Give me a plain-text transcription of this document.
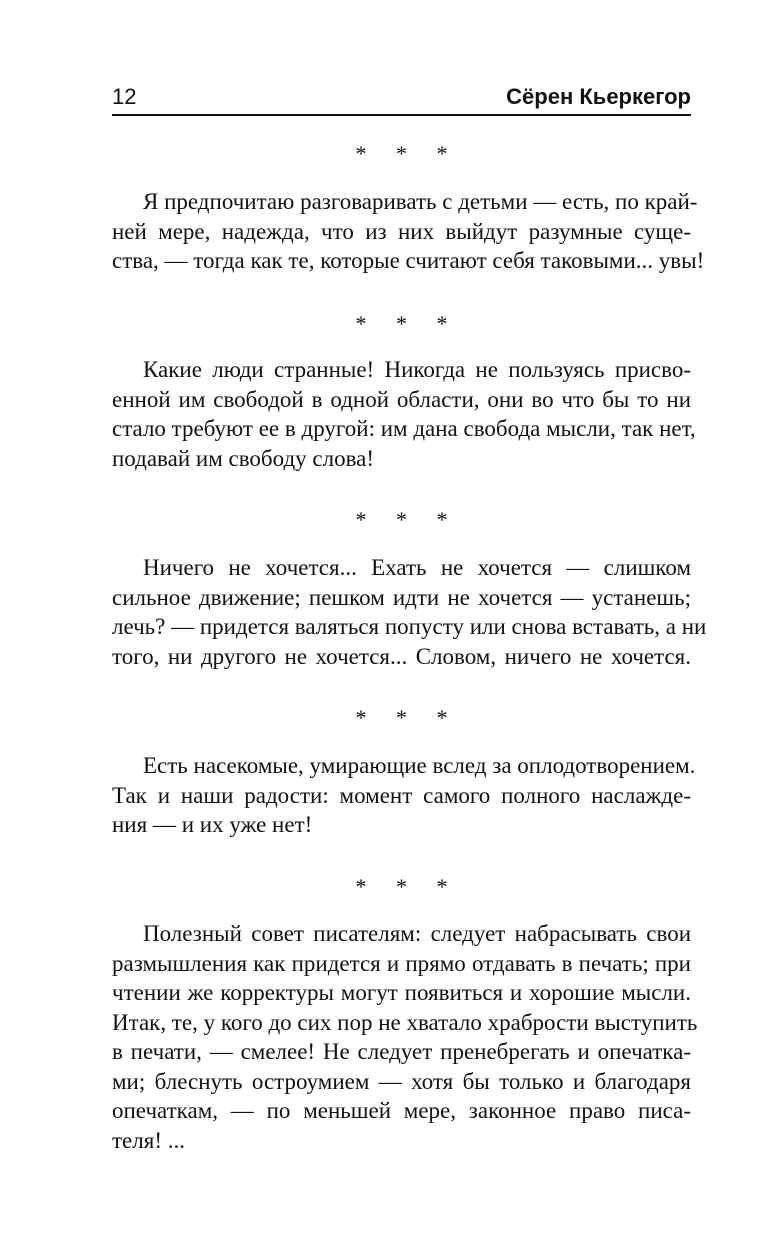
12	Сёрен Кьеркегор
* * *
Я предпочитаю разговаривать с детьми — есть, по край-
ней мере, надежда, что из них выйдут разумные суще-
ства, — тогда как те, которые считают себя таковыми... увы!
* * *
Какие люди странные! Никогда не пользуясь присво-
енной им свободой в одной области, они во что бы то ни
стало требуют ее в другой: им дана свобода мысли, так нет,
подавай им свободу слова!
* * *
Ничего не хочется... Ехать не хочется — слишком
сильное движение; пешком идти не хочется — устанешь;
лечь? — придется валяться попусту или снова вставать, а ни
того, ни другого не хочется... Словом, ничего не хочется.
* * *
Есть насекомые, умирающие вслед за оплодотворением.
Так и наши радости: момент самого полного наслажде-
ния — и их уже нет!
* * *
Полезный совет писателям: следует набрасывать свои
размышления как придется и прямо отдавать в печать; при
чтении же корректуры могут появиться и хорошие мысли.
Итак, те, у кого до сих пор не хватало храбрости выступить
в печати, — смелее! Не следует пренебрегать и опечатка-
ми; блеснуть остроумием — хотя бы только и благодаря
опечаткам, — по меньшей мере, законное право писа-
теля! ...
